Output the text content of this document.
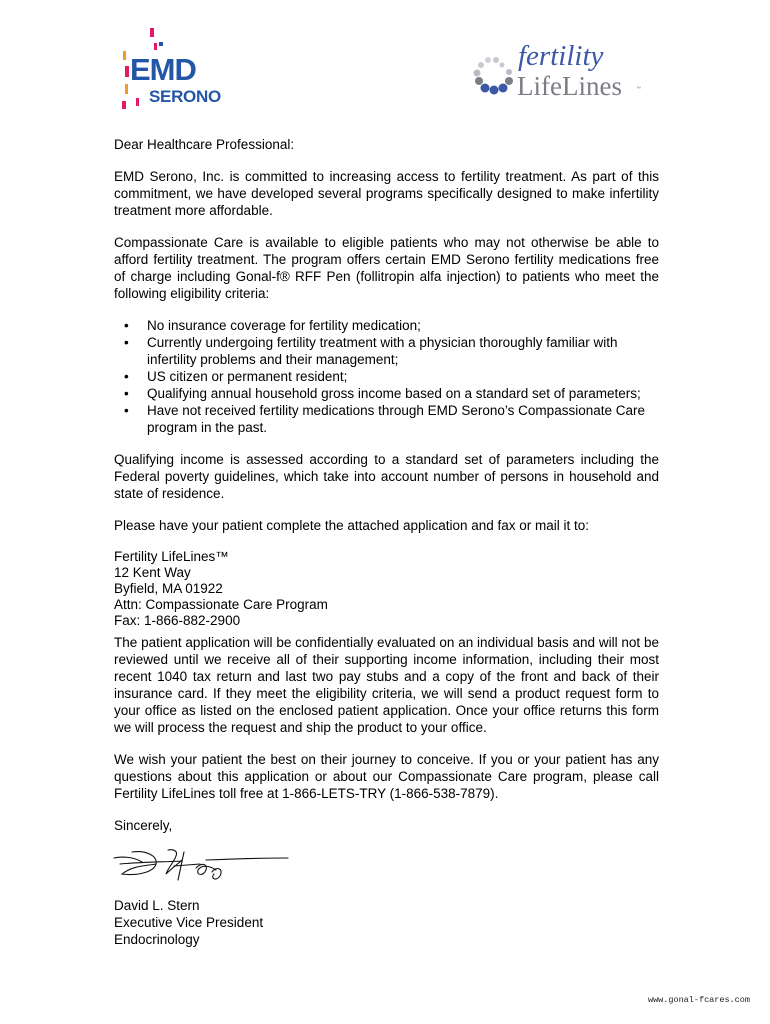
EMD
SERONO
fertility
LifeLines	™

Dear Healthcare Professional:

EMD Serono, Inc. is committed to increasing access to fertility treatment. As part of this commitment, we have developed several programs specifically designed to make infertility treatment more affordable.

Compassionate Care is available to eligible patients who may not otherwise be able to afford fertility treatment. The program offers certain EMD Serono fertility medications free of charge including Gonal-f® RFF Pen (follitropin alfa injection) to patients who meet the following eligibility criteria:

• No insurance coverage for fertility medication;
• Currently undergoing fertility treatment with a physician thoroughly familiar with infertility problems and their management;
• US citizen or permanent resident;
• Qualifying annual household gross income based on a standard set of parameters;
• Have not received fertility medications through EMD Serono’s Compassionate Care program in the past.

Qualifying income is assessed according to a standard set of parameters including the Federal poverty guidelines, which take into account number of persons in household and state of residence.

Please have your patient complete the attached application and fax or mail it to:

Fertility LifeLines™
12 Kent Way
Byfield, MA 01922
Attn: Compassionate Care Program
Fax: 1-866-882-2900

The patient application will be confidentially evaluated on an individual basis and will not be reviewed until we receive all of their supporting income information, including their most recent 1040 tax return and last two pay stubs and a copy of the front and back of their insurance card. If they meet the eligibility criteria, we will send a product request form to your office as listed on the enclosed patient application. Once your office returns this form we will process the request and ship the product to your office.

We wish your patient the best on their journey to conceive. If you or your patient has any questions about this application or about our Compassionate Care program, please call Fertility LifeLines toll free at 1-866-LETS-TRY (1-866-538-7879).

Sincerely,

David L. Stern
Executive Vice President
Endocrinology
www.gonal-fcares.com
